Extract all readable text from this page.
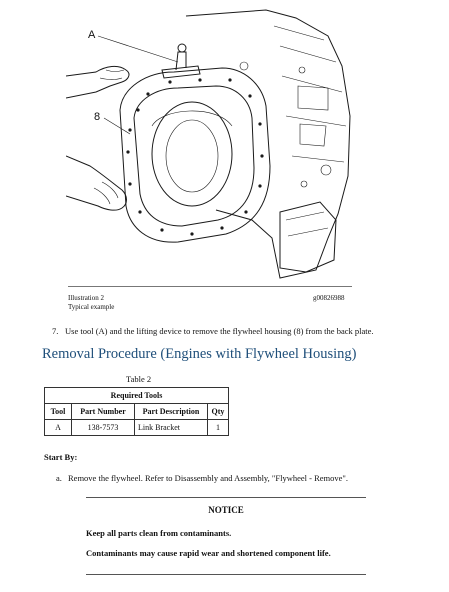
A
8
Illustration 2
Typical example
g00826988
7. Use tool (A) and the lifting device to remove the flywheel housing (8) from the back plate.
Removal Procedure (Engines with Flywheel Housing)
Table 2
Required Tools			
Tool	Part Number	Part Description	Qty
A	138-7573	Link Bracket	1
Start By:
a. Remove the flywheel. Refer to Disassembly and Assembly, "Flywheel - Remove".
NOTICE
Keep all parts clean from contaminants.
Contaminants may cause rapid wear and shortened component life.
